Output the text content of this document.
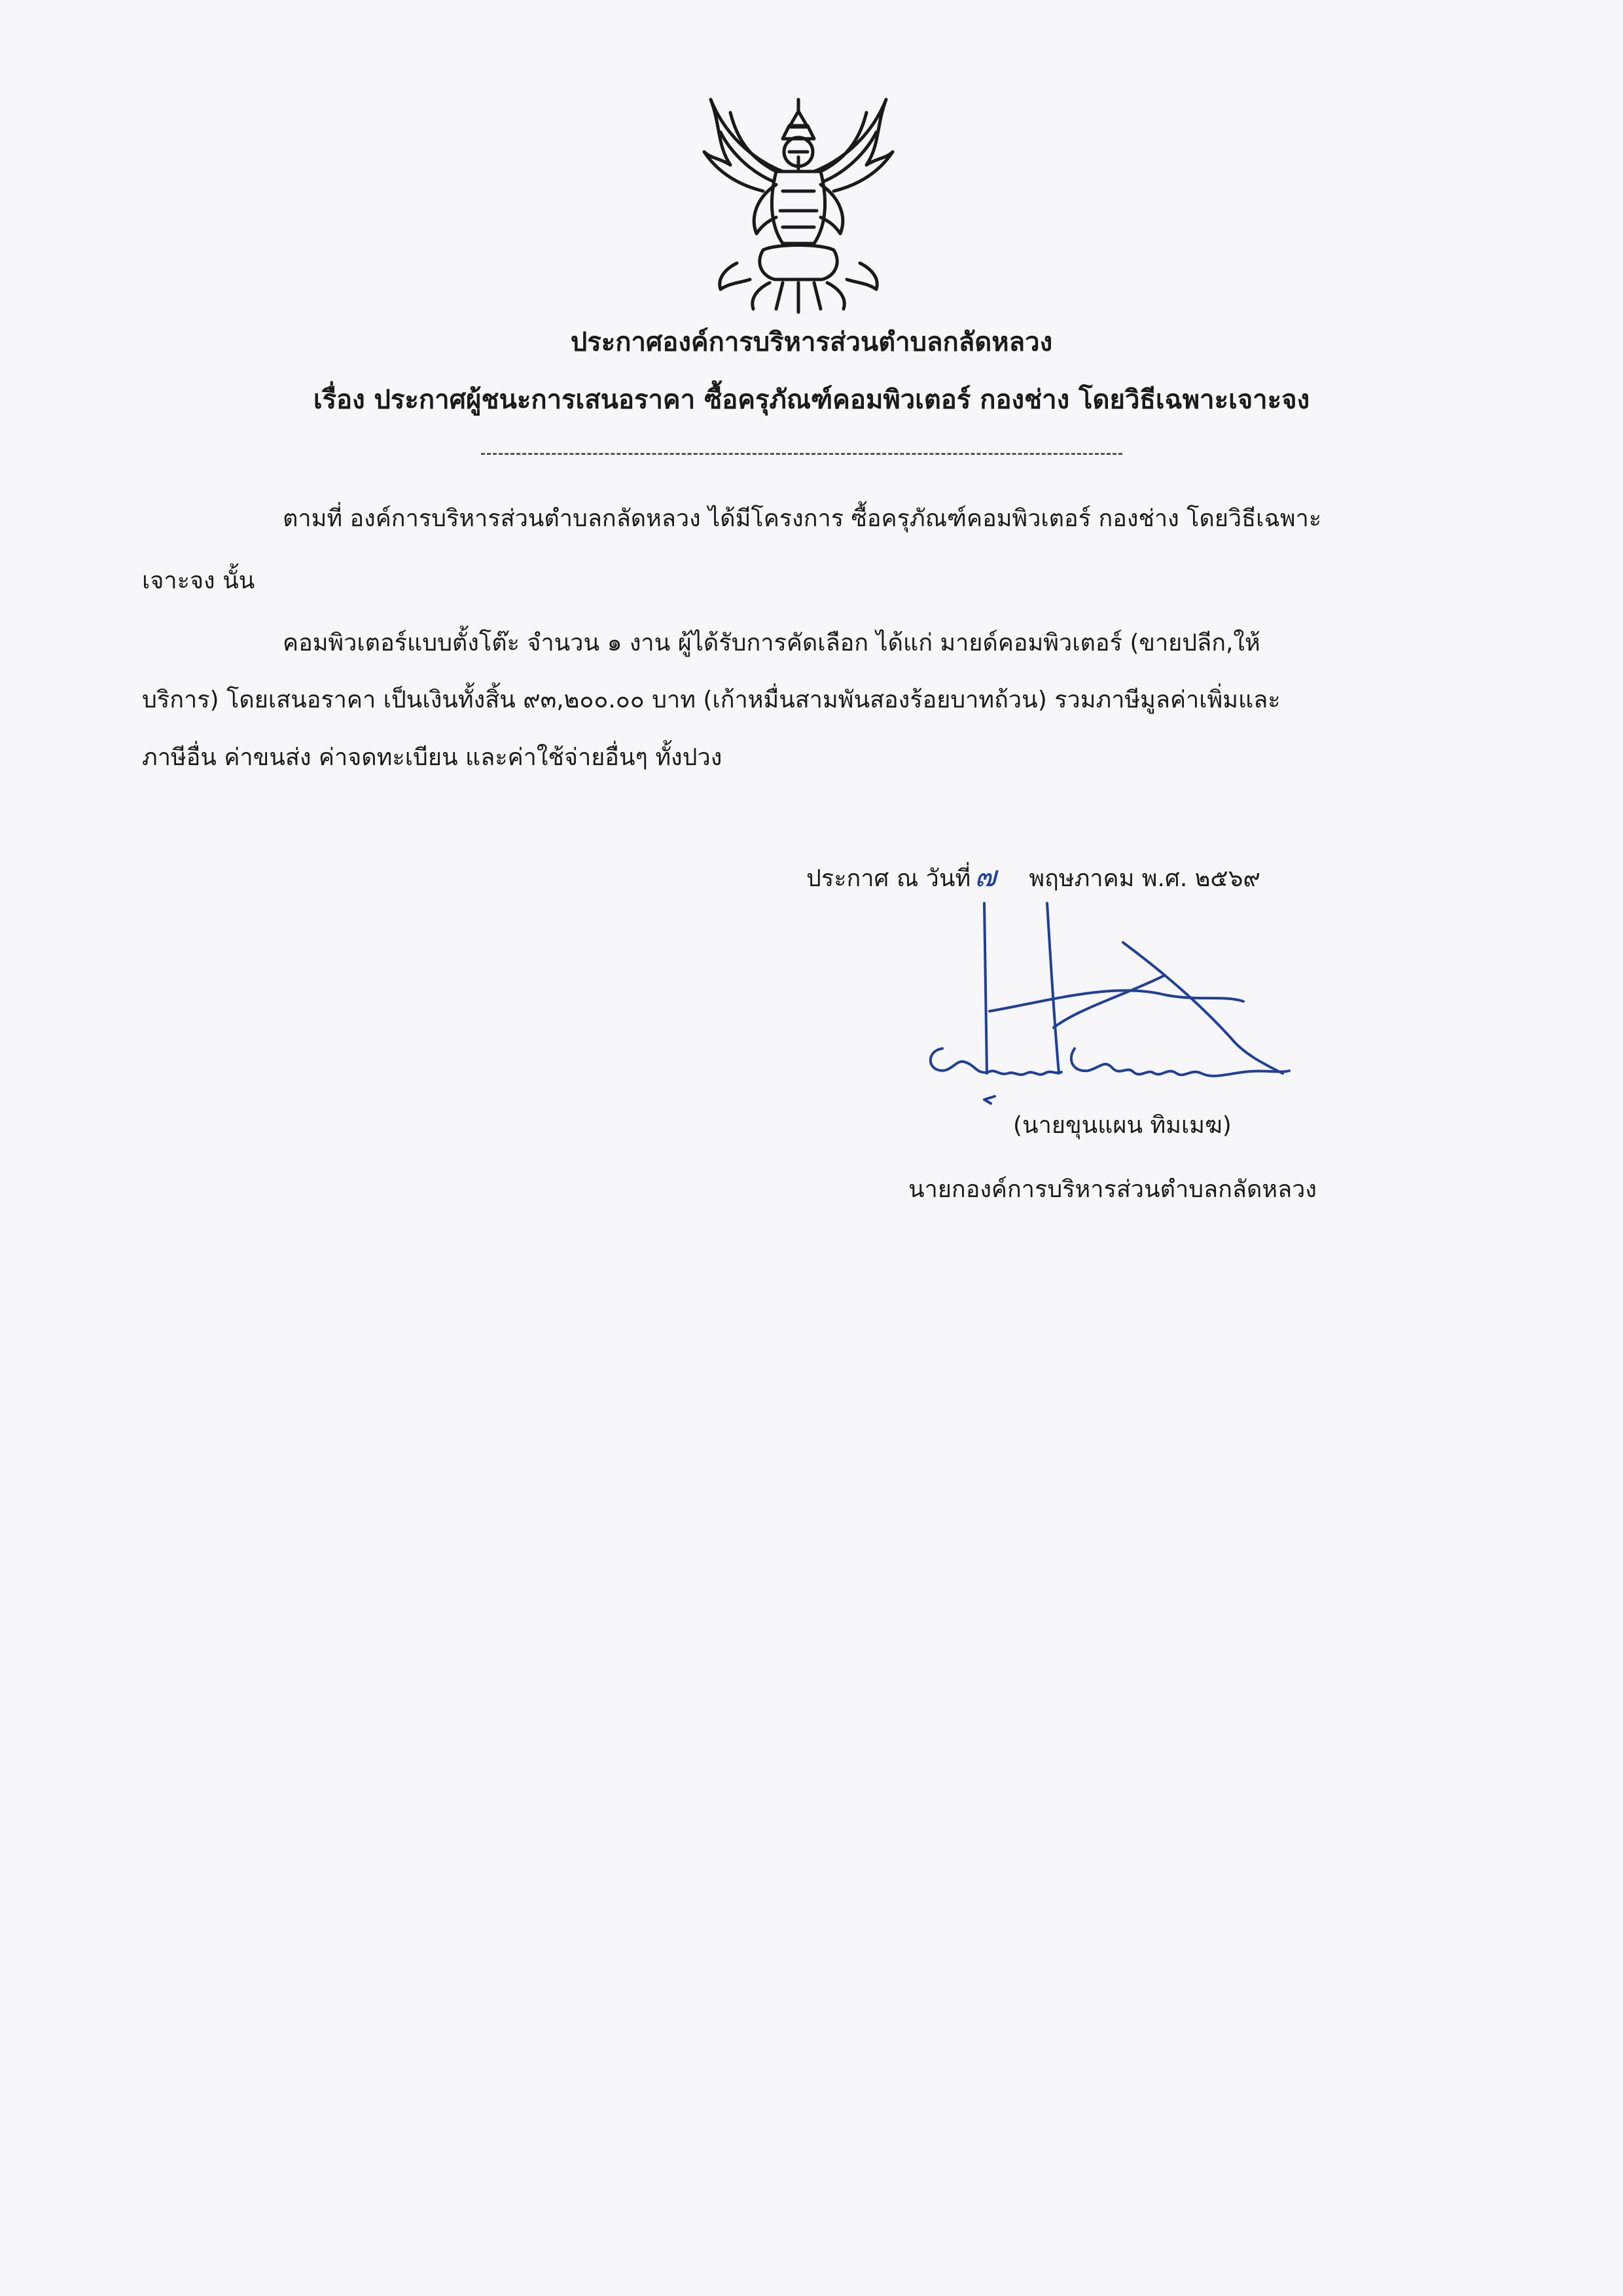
ประกาศองค์การบริหารส่วนตำบลกลัดหลวง
เรื่อง ประกาศผู้ชนะการเสนอราคา ซื้อครุภัณฑ์คอมพิวเตอร์ กองช่าง โดยวิธีเฉพาะเจาะจง
ตามที่ องค์การบริหารส่วนตำบลกลัดหลวง ได้มีโครงการ ซื้อครุภัณฑ์คอมพิวเตอร์ กองช่าง โดยวิธีเฉพาะ
เจาะจง นั้น
คอมพิวเตอร์แบบตั้งโต๊ะ จำนวน ๑ งาน ผู้ได้รับการคัดเลือก ได้แก่ มายด์คอมพิวเตอร์ (ขายปลีก,ให้
บริการ) โดยเสนอราคา เป็นเงินทั้งสิ้น ๙๓,๒๐๐.๐๐ บาท (เก้าหมื่นสามพันสองร้อยบาทถ้วน) รวมภาษีมูลค่าเพิ่มและ
ภาษีอื่น ค่าขนส่ง ค่าจดทะเบียน และค่าใช้จ่ายอื่นๆ ทั้งปวง
ประกาศ ณ วันที่ ๗ พฤษภาคม พ.ศ. ๒๕๖๙
(นายขุนแผน ทิมเมฆ)
นายกองค์การบริหารส่วนตำบลกลัดหลวง
